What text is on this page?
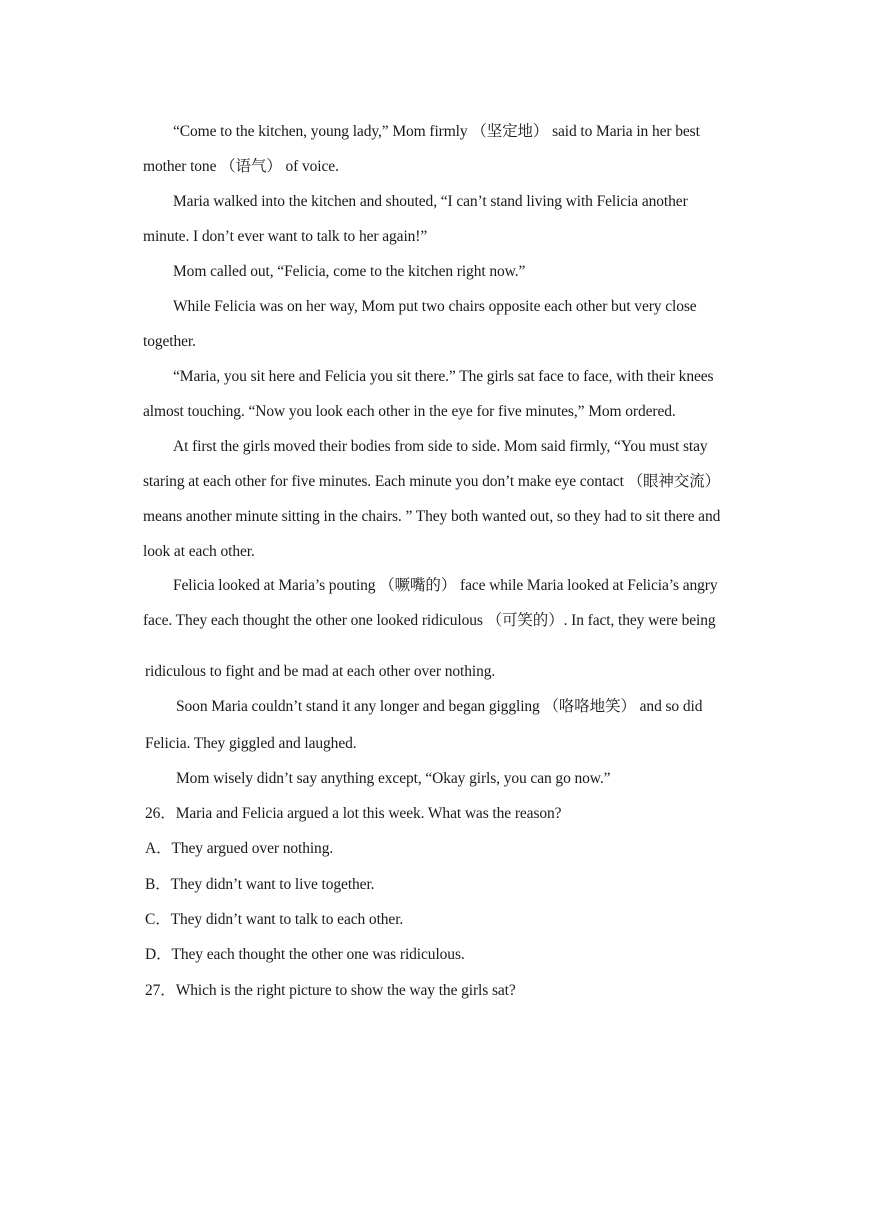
“Come to the kitchen, young lady,” Mom firmly （坚定地） said to Maria in her best
mother tone （语气） of voice.
Maria walked into the kitchen and shouted, “I can’t stand living with Felicia another
minute. I don’t ever want to talk to her again!”
Mom called out, “Felicia, come to the kitchen right now.”
While Felicia was on her way, Mom put two chairs opposite each other but very close
together.
“Maria, you sit here and Felicia you sit there.” The girls sat face to face, with their knees
almost touching. “Now you look each other in the eye for five minutes,” Mom ordered.
At first the girls moved their bodies from side to side. Mom said firmly, “You must stay
staring at each other for five minutes. Each minute you don’t make eye contact （眼神交流）
means another minute sitting in the chairs. ” They both wanted out, so they had to sit there and
look at each other.
Felicia looked at Maria’s pouting （噘嘴的） face while Maria looked at Felicia’s angry
face. They each thought the other one looked ridiculous （可笑的）. In fact, they were being
ridiculous to fight and be mad at each other over nothing.
Soon Maria couldn’t stand it any longer and began giggling （咯咯地笑） and so did
Felicia. They giggled and laughed.
Mom wisely didn’t say anything except, “Okay girls, you can go now.”
26．Maria and Felicia argued a lot this week. What was the reason?
A．They argued over nothing.
B．They didn’t want to live together.
C．They didn’t want to talk to each other.
D．They each thought the other one was ridiculous.
27．Which is the right picture to show the way the girls sat?
